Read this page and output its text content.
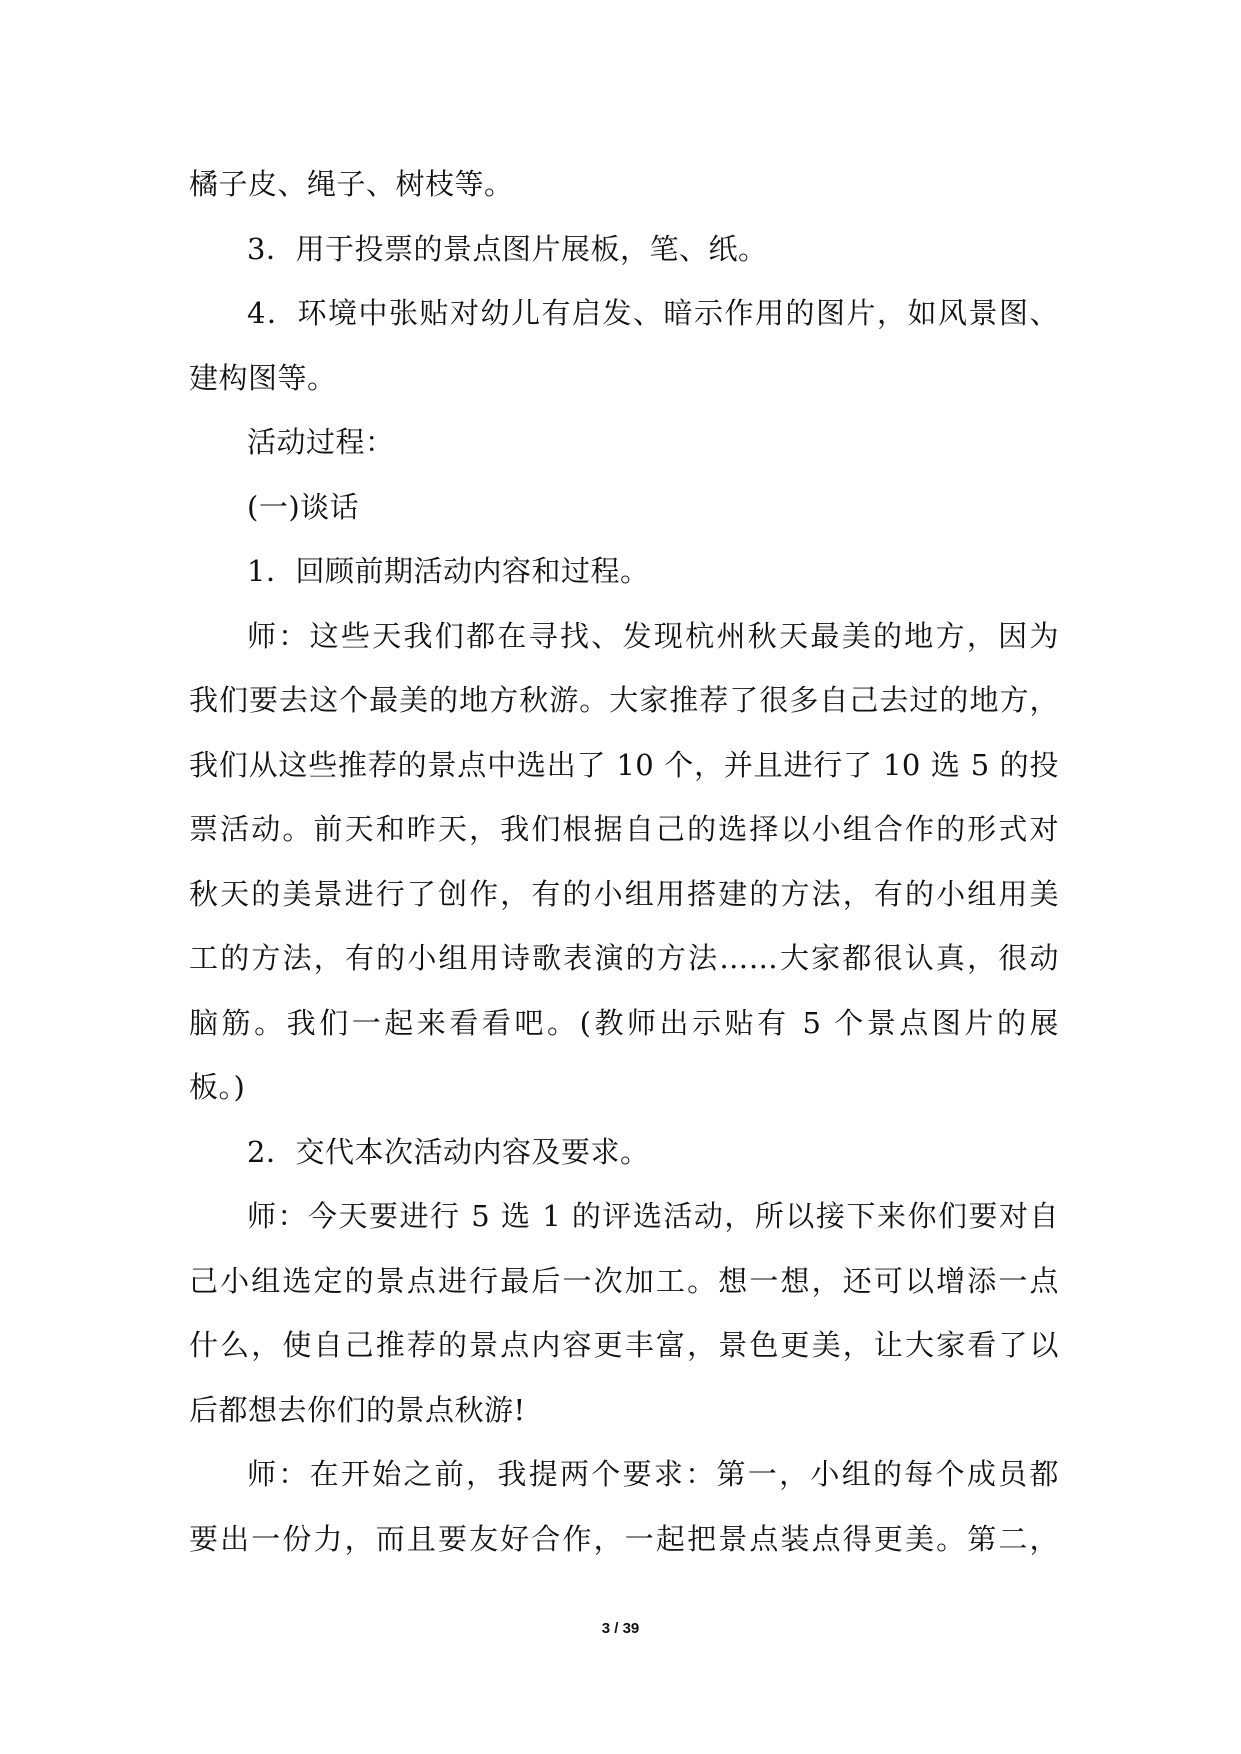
橘子皮、绳子、树枝等。
3．用于投票的景点图片展板，笔、纸。
4．环境中张贴对幼儿有启发、暗示作用的图片，如风景图、
建构图等。
活动过程：
(一)谈话
1．回顾前期活动内容和过程。
师：这些天我们都在寻找、发现杭州秋天最美的地方，因为
我们要去这个最美的地方秋游。大家推荐了很多自己去过的地方，
我们从这些推荐的景点中选出了 10 个，并且进行了 10 选 5 的投
票活动。前天和昨天，我们根据自己的选择以小组合作的形式对
秋天的美景进行了创作，有的小组用搭建的方法，有的小组用美
工的方法，有的小组用诗歌表演的方法……大家都很认真，很动
脑筋。我们一起来看看吧。(教师出示贴有 5 个景点图片的展
板。)
2．交代本次活动内容及要求。
师：今天要进行 5 选 1 的评选活动，所以接下来你们要对自
己小组选定的景点进行最后一次加工。想一想，还可以增添一点
什么，使自己推荐的景点内容更丰富，景色更美，让大家看了以
后都想去你们的景点秋游!
师：在开始之前，我提两个要求：第一，小组的每个成员都
要出一份力，而且要友好合作，一起把景点装点得更美。第二，
3 / 39
